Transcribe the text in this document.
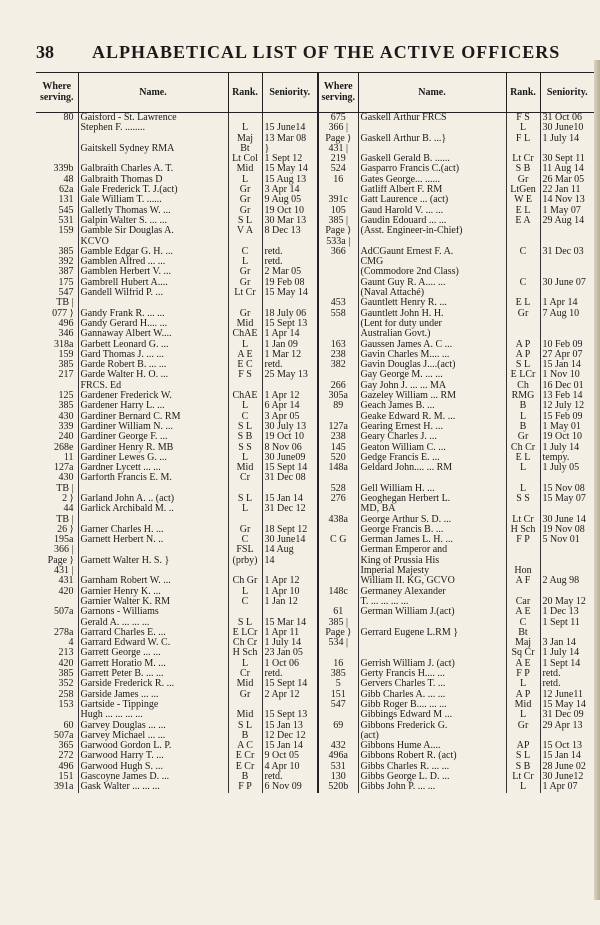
38 ALPHABETICAL LIST OF THE ACTIVE OFFICERS
Where serving.	Name.	Rank.	Seniority.	Where serving.	Name.	Rank.	Seniority.
80	Gaisford - St. Lawrence			675	Gaskell Arthur FRCS	F S	31 Oct 06
	Stephen F. ........	L	15 June14	366 |		L	30 June10
		Maj	13 Mar 08	Page ⟩	Gaskell Arthur B. ...}	F L	1 July 14
	Gaitskell Sydney RMA	Bt	}	431 |			
		Lt Col	1 Sept 12	219	Gaskell Gerald B. ......	Lt Cr	30 Sept 11
339b	Galbraith Charles A. T.	Mid	15 May 14	524	Gasparro Francis C.(act)	S B	11 Aug 14
48	Galbraith Thomas D	L	15 Aug 13	16	Gates George... ......	Gr	26 Mar 05
62a	Gale Frederick T. J.(act)	Gr	3 Apr 14		Gatliff Albert F. RM	LtGen	22 Jan 11
131	Gale William T. ......	Gr	9 Aug 05	391c	Gatt Laurence ... (act)	W E	14 Nov 13
545	Galletly Thomas W. ...	Gr	19 Oct 10	105	Gaud Harold V. ... ...	E L	1 May 07
531	Galpin Walter S. ... ...	S L	30 Mar 13	385 |	Gaudin Edouard ... ...	E A	29 Aug 14
159	Gamble Sir Douglas A.	V A	8 Dec 13	Page ⟩	(Asst. Engineer-in-Chief)		
	KCVO			533a |			
385	Gamble Edgar G. H. ...	C	retd.	366	AdCGaunt Ernest F. A.	C	31 Dec 03
392	Gamblen Alfred ... ...	L	retd.		CMG		
387	Gamblen Herbert V. ...	Gr	2 Mar 05		(Commodore 2nd Class)		
175	Gambrell Hubert A....	Gr	19 Feb 08		Gaunt Guy R. A.... ...	C	30 June 07
547	Gandell Wilfrid P. ...	Lt Cr	15 May 14		(Naval Attaché)		
TB |				453	Gauntlett Henry R. ...	E L	1 Apr 14
077 ⟩	Gandy Frank R. ... ...	Gr	18 July 06	558	Gauntlett John H. H.	Gr	7 Aug 10
496	Gandy Gerard H.... ...	Mid	15 Sept 13		(Lent for duty under		
346	Gannaway Albert W....	ChAE	1 Apr 14		Australian Govt.)		
318a	Garbett Leonard G. ...	L	1 Jan 09	163	Gaussen James A. C ...	A P	10 Feb 09
159	Gard Thomas J. ... ...	A E	1 Mar 12	238	Gavin Charles M.... ...	A P	27 Apr 07
385	Garde Robert B. ... ...	E C	retd.	382	Gavin Douglas J....(act)	S L	15 Jan 14
217	Garde Walter H. O. ...	F S	25 May 13		Gay George M. ... ...	E LCr	1 Nov 10
	FRCS. Ed			266	Gay John J. ... ... MA	Ch	16 Dec 01
125	Gardener Frederick W.	ChAE	1 Apr 12	305a	Gazeley William ... RM	RMG	13 Feb 14
385	Gardener Harry L. ...	L	6 Apr 14	89	Geach James B. ...	B	12 July 12
430	Gardiner Bernard C. RM	C	3 Apr 05		Geake Edward R. M. ...	L	15 Feb 09
339	Gardiner William N. ...	S L	30 July 13	127a	Gearing Ernest H. ...	B	1 May 01
240	Gardiner George F. ...	S B	19 Oct 10	238	Geary Charles J. ...	Gr	19 Oct 10
268e	Gardiner Henry R. MB	S S	8 Nov 06	145	Geaton William C. ...	Ch Cr	1 July 14
11	Gardiner Lewes G. ...	L	30 June09	520	Gedge Francis E. ...	E L	tempy.
127a	Gardner Lycett ... ...	Mid	15 Sept 14	148a	Geldard John.... ... RM	L	1 July 05
430	Garforth Francis E. M.	Cr	31 Dec 08				
TB |				528	Gell William H. ...	L	15 Nov 08
2 ⟩	Garland John A. .. (act)	S L	15 Jan 14	276	Geoghegan Herbert L.	S S	15 May 07
44	Garlick Archibald M. ..	L	31 Dec 12		MD, BA		
TB |				438a	George Arthur S. D. ...	Lt Cr	30 June 14
26 ⟩	Garner Charles H. ...	Gr	18 Sept 12		George Francis B. ...	H Sch	19 Nov 08
195a	Garnett Herbert N. ..	C	30 June14	C G	German James L. H. ...	F P	5 Nov 01
366 |		FSL	14 Aug		German Emperor and		
Page ⟩	Garnett Walter H. S. }	(prby)	14		King of Prussia His		
431 |					Imperial Majesty	Hon	
431	Garnham Robert W. ...	Ch Gr	1 Apr 12		William II. KG, GCVO	A F	2 Aug 98
420	Garnier Henry K. ...	L	1 Apr 10	148c	Germaney Alexander		
	Garnier Walter K. RM	C	1 Jan 12		T. ... ... ... ...	Car	20 May 12
507a	Garnons - Williams			61	German William J.(act)	A E	1 Dec 13
	Gerald A. ... ... ...	S L	15 Mar 14	385 |		C	1 Sept 11
278a	Garrard Charles E. ...	E LCr	1 Apr 11	Page ⟩	Gerrard Eugene L.RM }	Bt	
4	Garrard Edward W. C.	Ch Cr	1 July 14	534 |		Maj	3 Jan 14
213	Garrett George ... ...	H Sch	23 Jan 05			Sq Cr	1 July 14
420	Garrett Horatio M. ...	L	1 Oct 06	16	Gerrish William J. (act)	A E	1 Sept 14
385	Garrett Peter B. ... ...	Cr	retd.	385	Gerty Francis H.... ...	F P	retd.
352	Garside Frederick R. ...	Mid	15 Sept 14	5	Gervers Charles T. ...	L	retd.
258	Garside James ... ...	Gr	2 Apr 12	151	Gibb Charles A. ... ...	A P	12 June11
153	Gartside - Tippinge			547	Gibb Roger B.... ... ...	Mid	15 May 14
	Hugh ... ... ... ...	Mid	15 Sept 13		Gibbings Edward M ...	L	31 Dec 09
60	Garvey Douglas ... ...	S L	15 Jan 13	69	Gibbons Frederick G.	Gr	29 Apr 13
507a	Garvey Michael ... ...	B	12 Dec 12		(act)		
365	Garwood Gordon L. P.	A C	15 Jan 14	432	Gibbons Hume A....	AP	15 Oct 13
272	Garwood Harry T. ...	E Cr	9 Oct 05	496a	Gibbons Robert R. (act)	S L	15 Jan 14
496	Garwood Hugh S. ...	E Cr	4 Apr 10	531	Gibbs Charles R. ... ...	S B	28 June 02
151	Gascoyne James D. ...	B	retd.	130	Gibbs George L. D. ...	Lt Cr	30 June12
391a	Gask Walter ... ... ...	F P	6 Nov 09	520b	Gibbs John P. ... ...	L	1 Apr 07
